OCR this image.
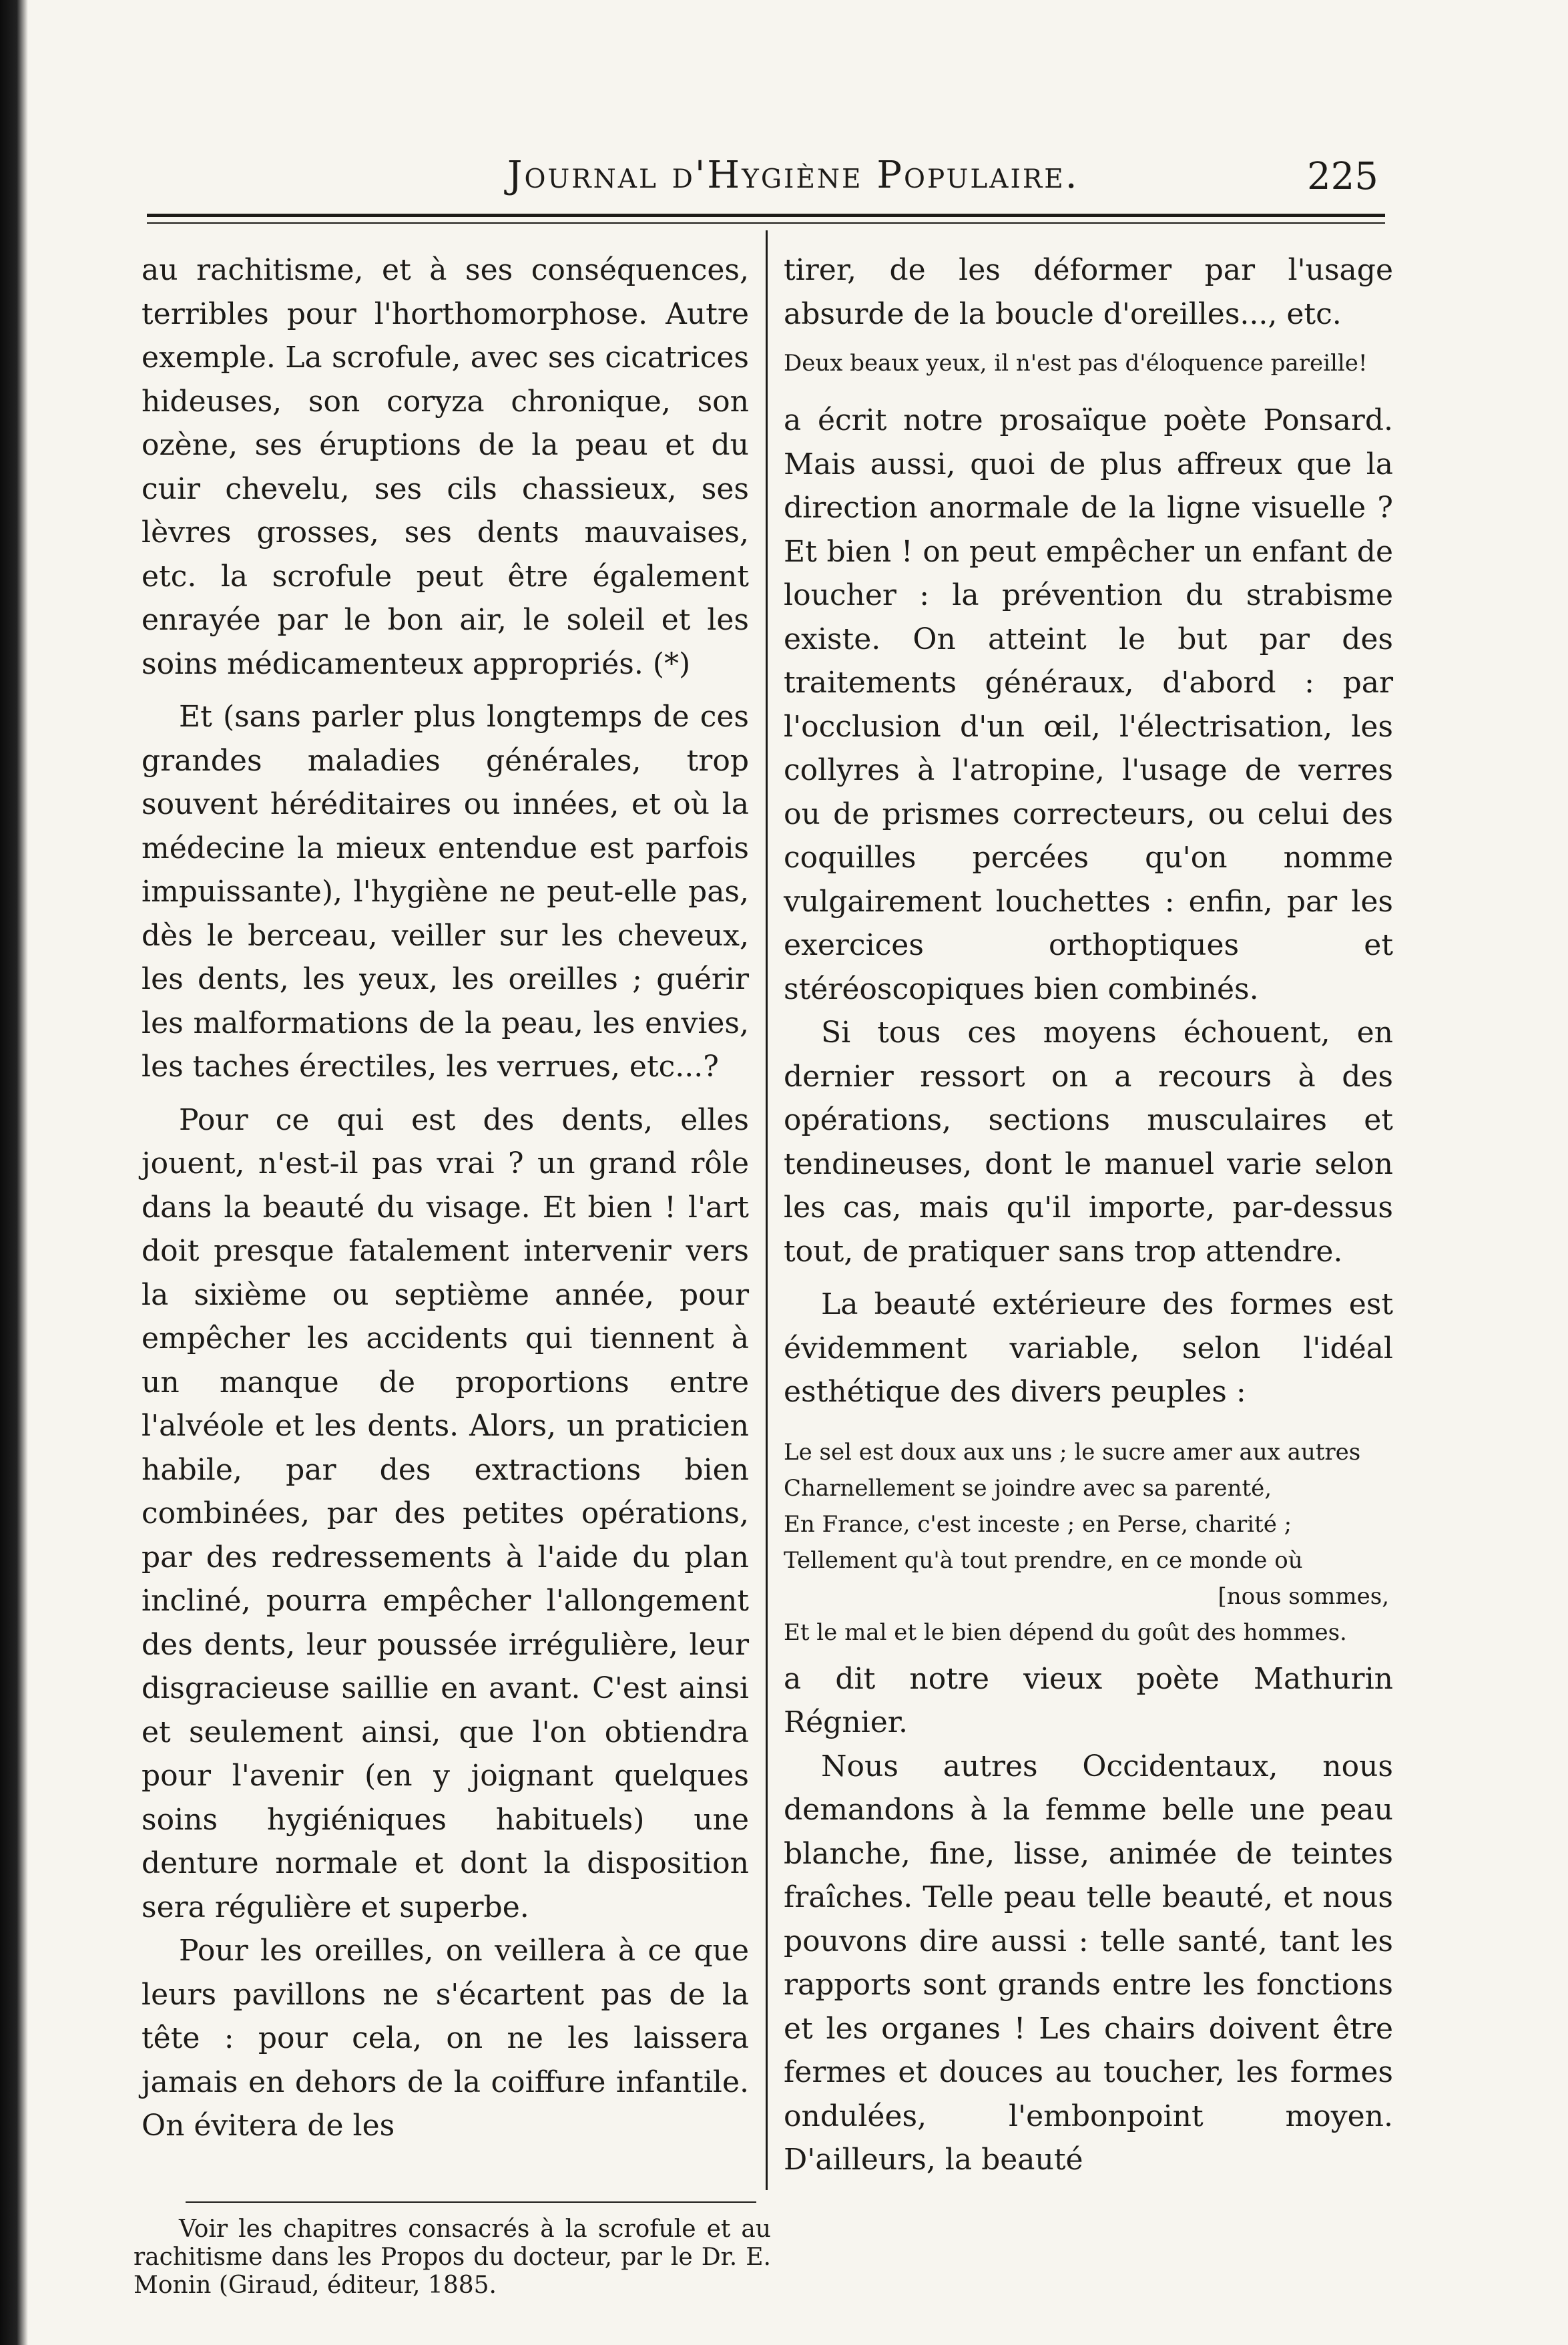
Journal d'Hygiène Populaire.	225

au rachitisme, et à ses conséquences, terribles pour l'horthomorphose. Autre exemple. La scrofule, avec ses cicatrices hideuses, son coryza chronique, son ozène, ses éruptions de la peau et du cuir chevelu, ses cils chassieux, ses lèvres grosses, ses dents mauvaises, etc. la scrofule peut être également enrayée par le bon air, le soleil et les soins médicamenteux appropriés. (*)

Et (sans parler plus longtemps de ces grandes maladies générales, trop souvent héréditaires ou innées, et où la médecine la mieux entendue est parfois impuissante), l'hygiène ne peut-elle pas, dès le berceau, veiller sur les cheveux, les dents, les yeux, les oreilles ; guérir les malformations de la peau, les envies, les taches érectiles, les verrues, etc...?

Pour ce qui est des dents, elles jouent, n'est-il pas vrai ? un grand rôle dans la beauté du visage. Et bien ! l'art doit presque fatalement intervenir vers la sixième ou septième année, pour empêcher les accidents qui tiennent à un manque de proportions entre l'alvéole et les dents. Alors, un praticien habile, par des extractions bien combinées, par des petites opérations, par des redressements à l'aide du plan incliné, pourra empêcher l'allongement des dents, leur poussée irrégulière, leur disgracieuse saillie en avant. C'est ainsi et seulement ainsi, que l'on obtiendra pour l'avenir (en y joignant quelques soins hygiéniques habituels) une denture normale et dont la disposition sera régulière et superbe.

Pour les oreilles, on veillera à ce que leurs pavillons ne s'écartent pas de la tête : pour cela, on ne les laissera jamais en dehors de la coiffure infantile. On évitera de les

tirer, de les déformer par l'usage absurde de la boucle d'oreilles..., etc.

Deux beaux yeux, il n'est pas d'éloquence pareille!

a écrit notre prosaïque poète Ponsard. Mais aussi, quoi de plus affreux que la direction anormale de la ligne visuelle ? Et bien ! on peut empêcher un enfant de loucher : la prévention du strabisme existe. On atteint le but par des traitements généraux, d'abord : par l'occlusion d'un œil, l'électrisation, les collyres à l'atropine, l'usage de verres ou de prismes correcteurs, ou celui des coquilles percées qu'on nomme vulgairement louchettes : enfin, par les exercices orthoptiques et stéréoscopiques bien combinés.

Si tous ces moyens échouent, en dernier ressort on a recours à des opérations, sections musculaires et tendineuses, dont le manuel varie selon les cas, mais qu'il importe, par-dessus tout, de pratiquer sans trop attendre.

La beauté extérieure des formes est évidemment variable, selon l'idéal esthétique des divers peuples :

Le sel est doux aux uns ; le sucre amer aux autres

Charnellement se joindre avec sa parenté,

En France, c'est inceste ; en Perse, charité ;

Tellement qu'à tout prendre, en ce monde où

[nous sommes,

Et le mal et le bien dépend du goût des hommes.

a dit notre vieux poète Mathurin Régnier.

Nous autres Occidentaux, nous demandons à la femme belle une peau blanche, fine, lisse, animée de teintes fraîches. Telle peau telle beauté, et nous pouvons dire aussi : telle santé, tant les rapports sont grands entre les fonctions et les organes ! Les chairs doivent être fermes et douces au toucher, les formes ondulées, l'embonpoint moyen. D'ailleurs, la beauté

Voir les chapitres consacrés à la scrofule et au rachitisme dans les Propos du docteur, par le Dr. E. Monin (Giraud, éditeur, 1885.
